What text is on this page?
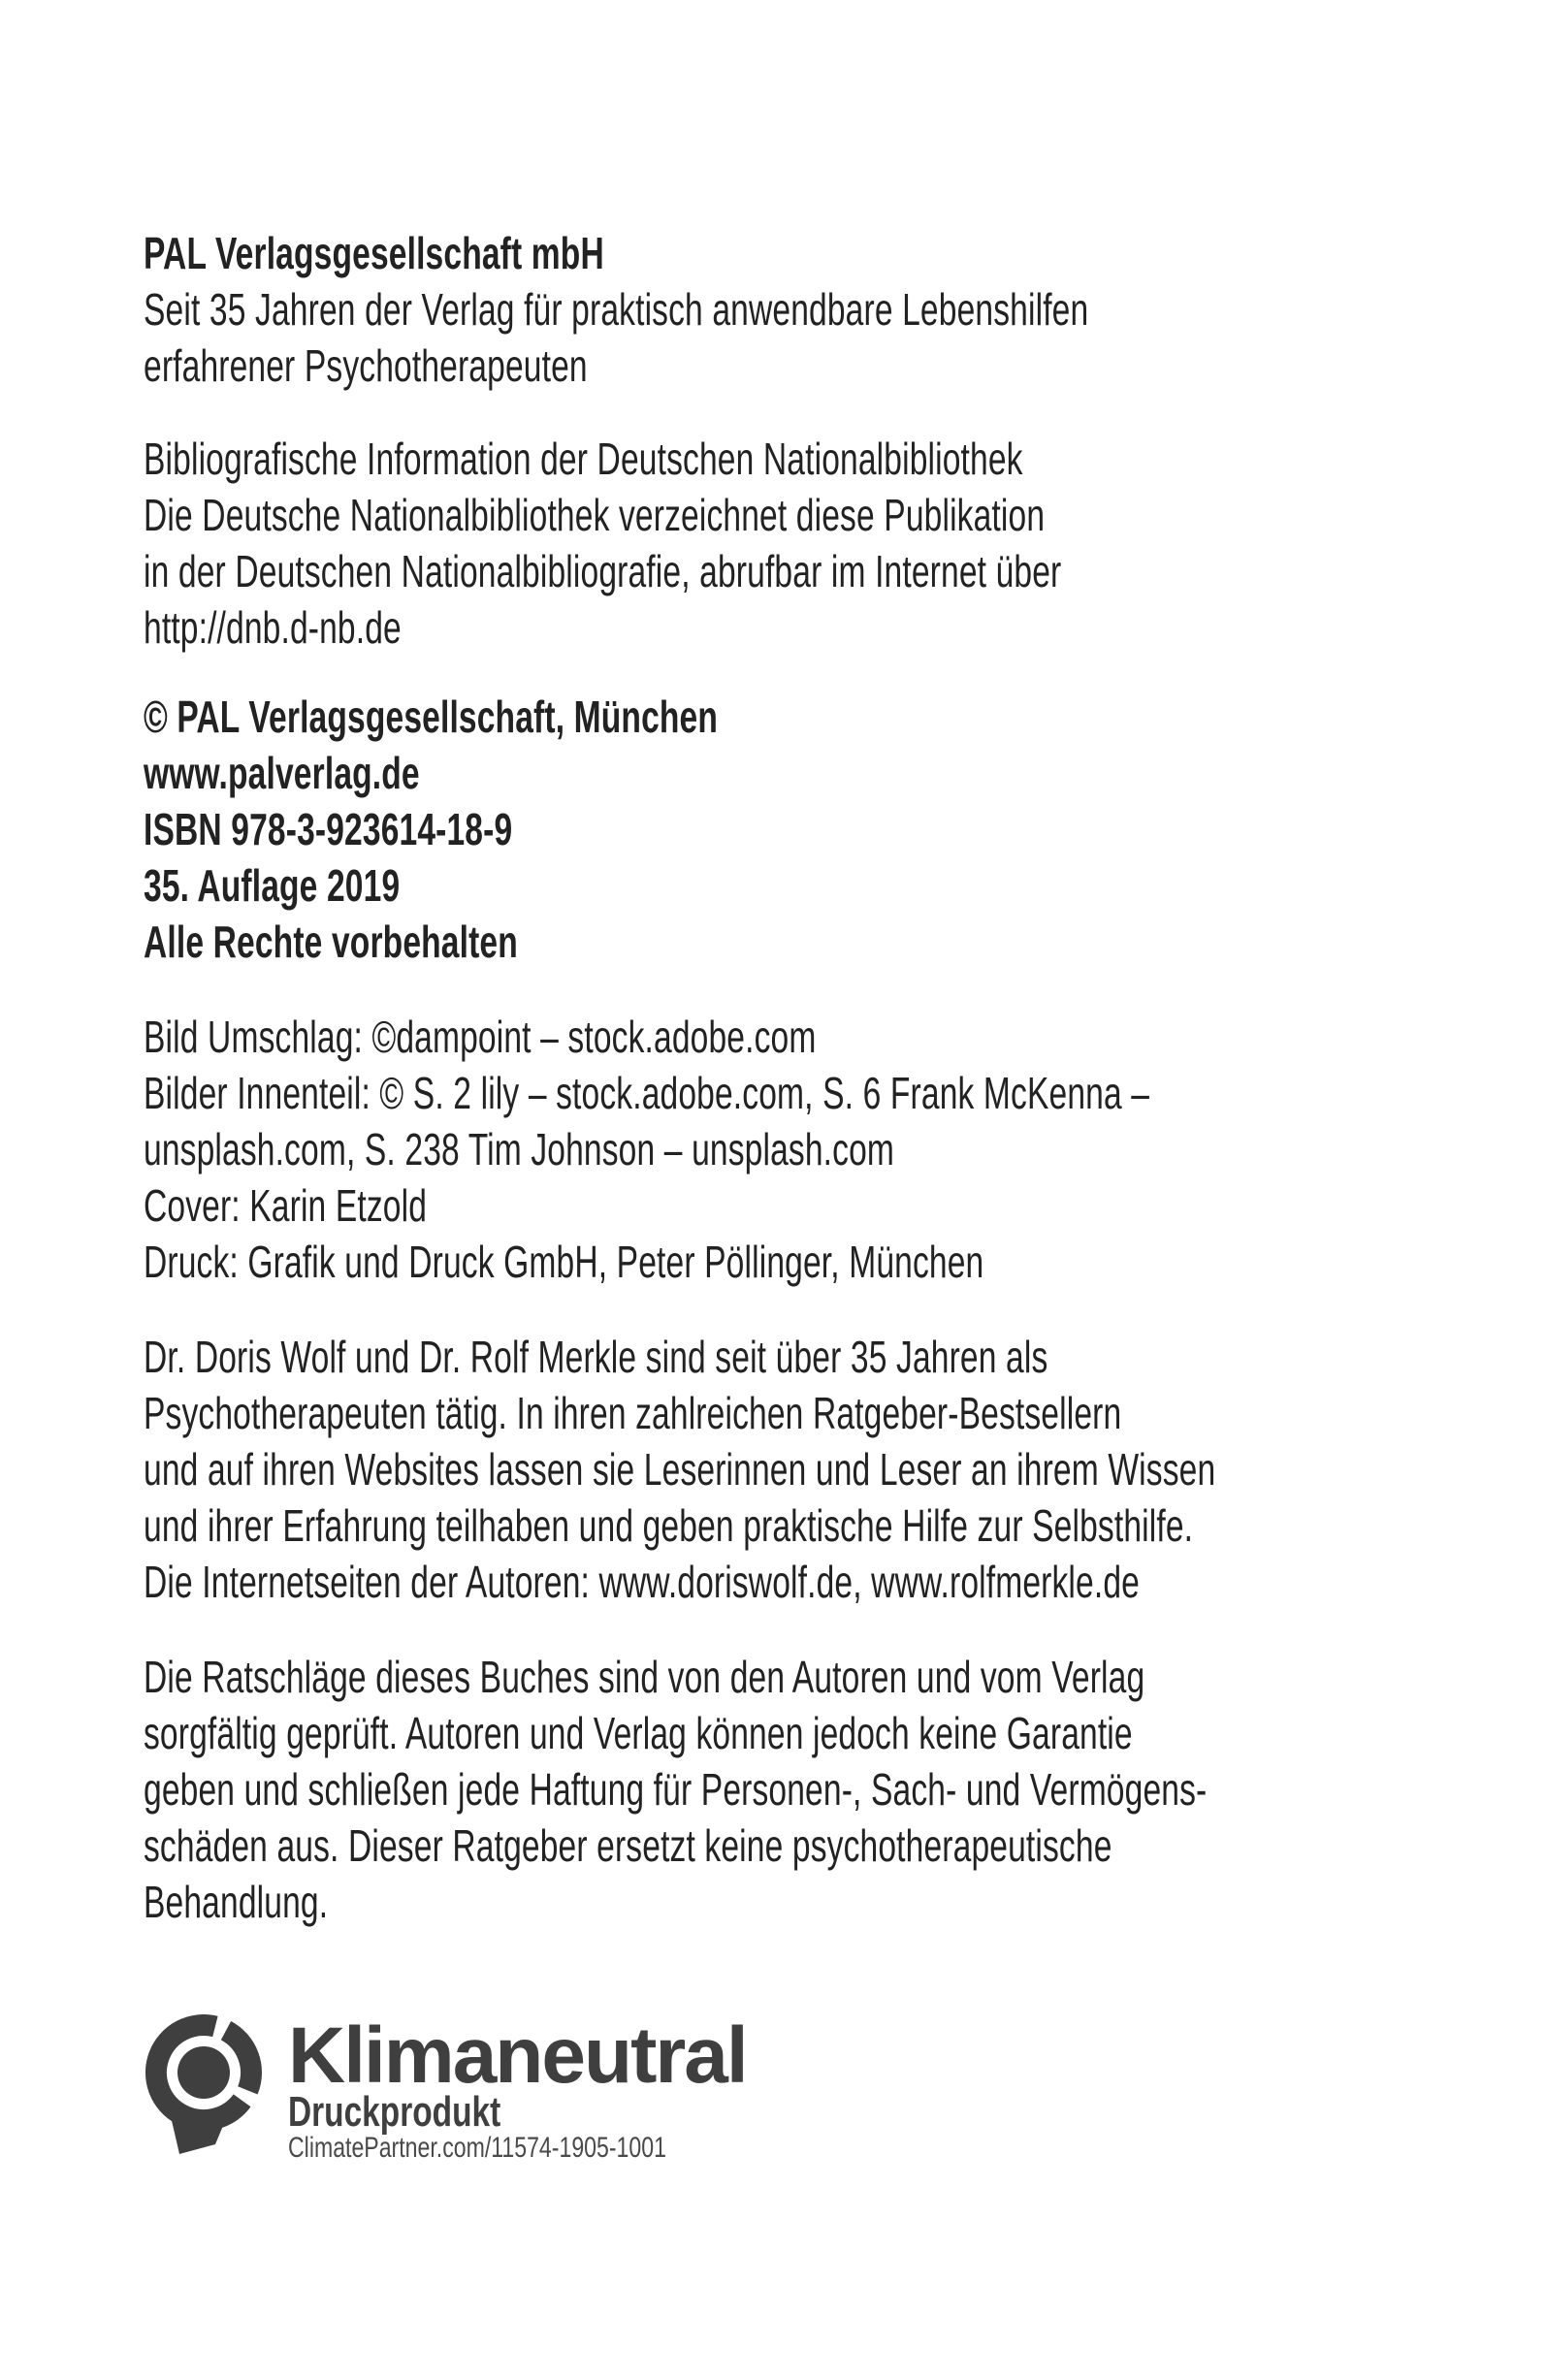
PAL Verlagsgesellschaft mbH
Seit 35 Jahren der Verlag für praktisch anwendbare Lebenshilfen
erfahrener Psychotherapeuten
Bibliografische Information der Deutschen Nationalbibliothek
Die Deutsche Nationalbibliothek verzeichnet diese Publikation
in der Deutschen Nationalbibliografie, abrufbar im Internet über
http://dnb.d-nb.de
© PAL Verlagsgesellschaft, München
www.palverlag.de
ISBN 978-3-923614-18-9
35. Auflage 2019
Alle Rechte vorbehalten
Bild Umschlag: ©dampoint – stock.adobe.com
Bilder Innenteil: © S. 2 lily – stock.adobe.com, S. 6 Frank McKenna –
unsplash.com, S. 238 Tim Johnson – unsplash.com
Cover: Karin Etzold
Druck: Grafik und Druck GmbH, Peter Pöllinger, München
Dr. Doris Wolf und Dr. Rolf Merkle sind seit über 35 Jahren als
Psychotherapeuten tätig. In ihren zahlreichen Ratgeber-Bestsellern
und auf ihren Websites lassen sie Leserinnen und Leser an ihrem Wissen
und ihrer Erfahrung teilhaben und geben praktische Hilfe zur Selbsthilfe.
Die Internetseiten der Autoren: www.doriswolf.de, www.rolfmerkle.de
Die Ratschläge dieses Buches sind von den Autoren und vom Verlag
sorgfältig geprüft. Autoren und Verlag können jedoch keine Garantie
geben und schließen jede Haftung für Personen-, Sach- und Vermögens-
schäden aus. Dieser Ratgeber ersetzt keine psychotherapeutische
Behandlung.
Klimaneutral
Druckprodukt
ClimatePartner.com/11574-1905-1001
